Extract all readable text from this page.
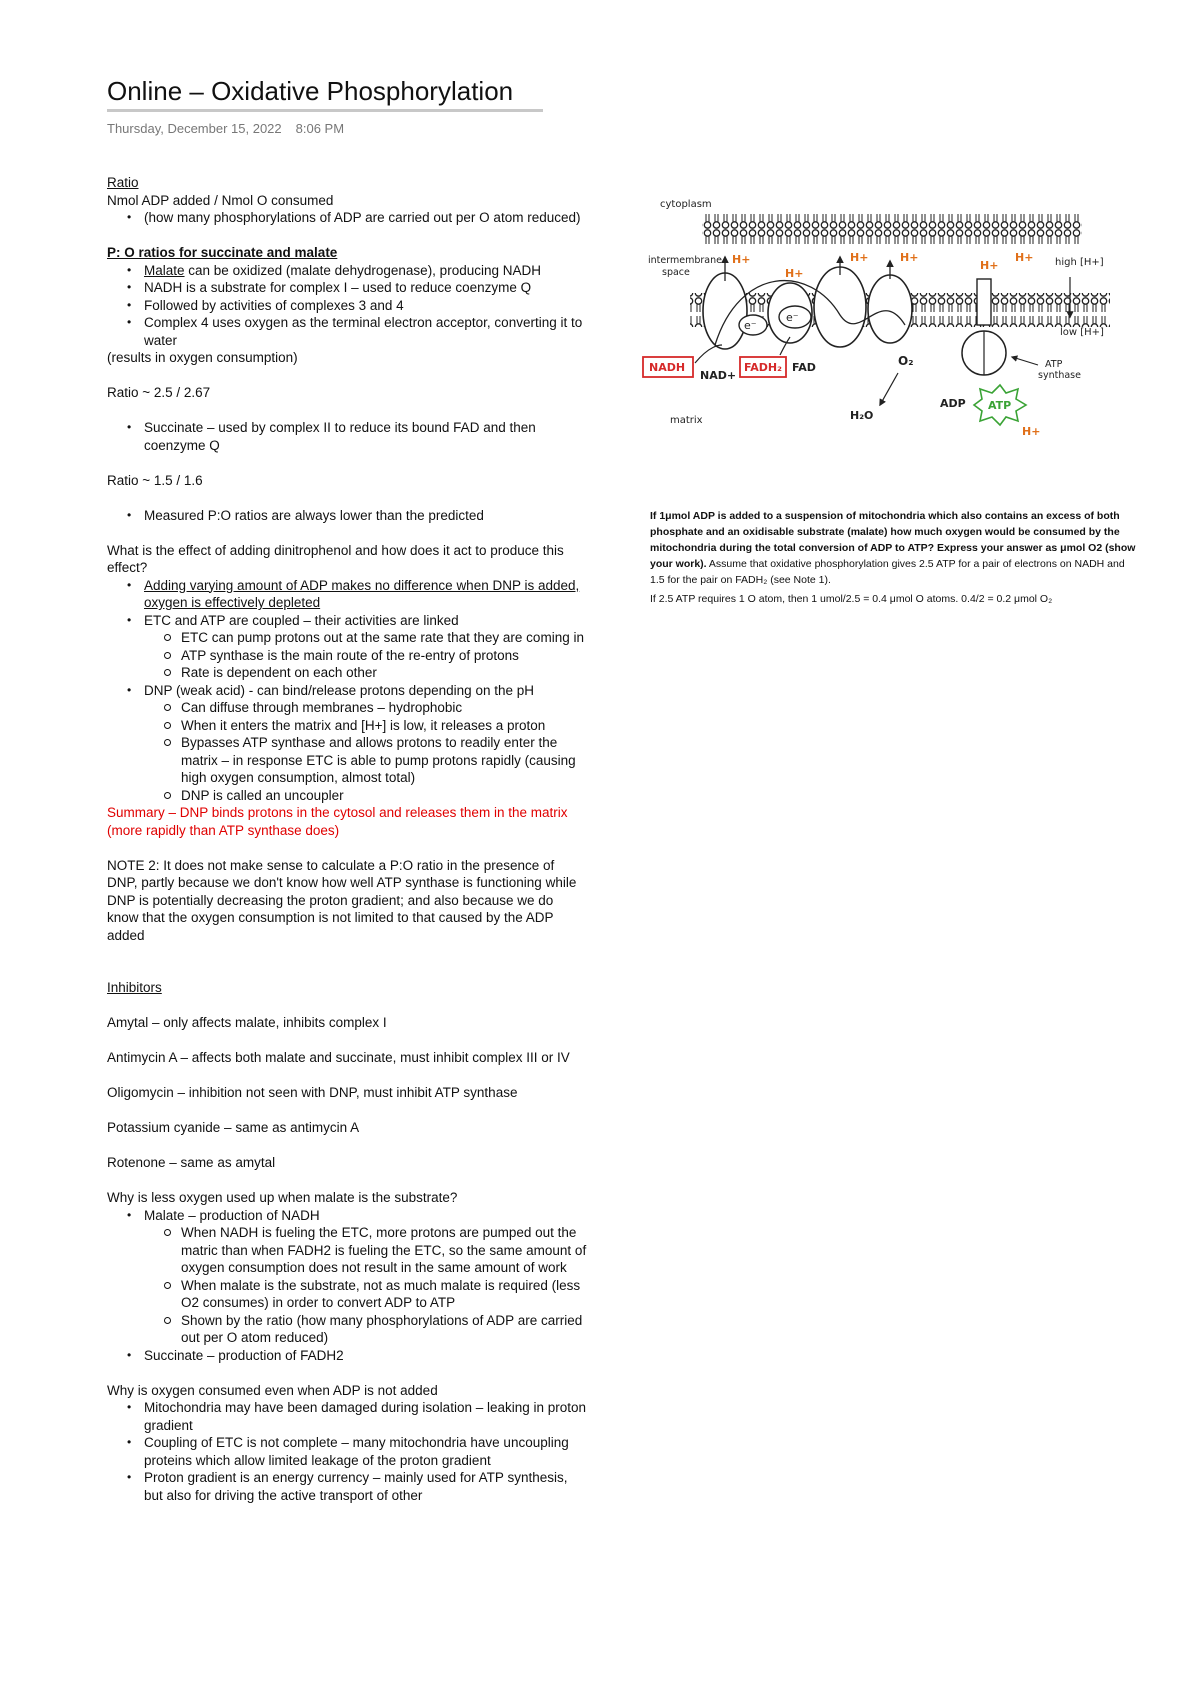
Online – Oxidative Phosphorylation
Thursday, December 15, 2022 8:06 PM

Ratio

Nmol ADP added / Nmol O consumed

• (how many phosphorylations of ADP are carried out per O atom reduced)

P: O ratios for succinate and malate

• Malate can be oxidized (malate dehydrogenase), producing NADH
• NADH is a substrate for complex I – used to reduce coenzyme Q
• Followed by activities of complexes 3 and 4
• Complex 4 uses oxygen as the terminal electron acceptor, converting it to water

(results in oxygen consumption)

Ratio ~ 2.5 / 2.67

• Succinate – used by complex II to reduce its bound FAD and then coenzyme Q

Ratio ~ 1.5 / 1.6

• Measured P:O ratios are always lower than the predicted

What is the effect of adding dinitrophenol and how does it act to produce this effect?

• Adding varying amount of ADP makes no difference when DNP is added, oxygen is effectively depleted
• ETC and ATP are coupled – their activities are linked
ETC can pump protons out at the same rate that they are coming in
ATP synthase is the main route of the re-entry of protons
Rate is dependent on each other
• DNP (weak acid) - can bind/release protons depending on the pH
Can diffuse through membranes – hydrophobic
When it enters the matrix and [H+] is low, it releases a proton
Bypasses ATP synthase and allows protons to readily enter the matrix – in response ETC is able to pump protons rapidly (causing high oxygen consumption, almost total)
DNP is called an uncoupler

Summary – DNP binds protons in the cytosol and releases them in the matrix (more rapidly than ATP synthase does)

NOTE 2: It does not make sense to calculate a P:O ratio in the presence of DNP, partly because we don't know how well ATP synthase is functioning while DNP is potentially decreasing the proton gradient; and also because we do know that the oxygen consumption is not limited to that caused by the ADP added

Inhibitors

Amytal – only affects malate, inhibits complex I

Antimycin A – affects both malate and succinate, must inhibit complex III or IV

Oligomycin – inhibition not seen with DNP, must inhibit ATP synthase

Potassium cyanide – same as antimycin A

Rotenone – same as amytal

Why is less oxygen used up when malate is the substrate?

• Malate – production of NADH
When NADH is fueling the ETC, more protons are pumped out the matric than when FADH2 is fueling the ETC, so the same amount of oxygen consumption does not result in the same amount of work
When malate is the substrate, not as much malate is required (less O2 consumes) in order to convert ADP to ATP
Shown by the ratio (how many phosphorylations of ADP are carried out per O atom reduced)
• Succinate – production of FADH2

Why is oxygen consumed even when ADP is not added

• Mitochondria may have been damaged during isolation – leaking in proton gradient
• Coupling of ETC is not complete – many mitochondria have uncoupling proteins which allow limited leakage of the proton gradient
• Proton gradient is an energy currency – mainly used for ATP synthesis, but also for driving the active transport of other
cytoplasm
intermembrane
space
e⁻
e⁻
H+
H+
H+	H+
H+
H+ high [H+]
low [H+]
ATP
synthase
NADH
NAD+
FADH₂ FAD	O₂
H₂O
ADP ATP
H+
matrix

If 1μmol ADP is added to a suspension of mitochondria which also contains an excess of both phosphate and an oxidisable substrate (malate) how much oxygen would be consumed by the mitochondria during the total conversion of ADP to ATP? Express your answer as μmol O2 (show your work). Assume that oxidative phosphorylation gives 2.5 ATP for a pair of electrons on NADH and 1.5 for the pair on FADH₂ (see Note 1).

If 2.5 ATP requires 1 O atom, then 1 umol/2.5 = 0.4 μmol O atoms. 0.4/2 = 0.2 μmol O₂
